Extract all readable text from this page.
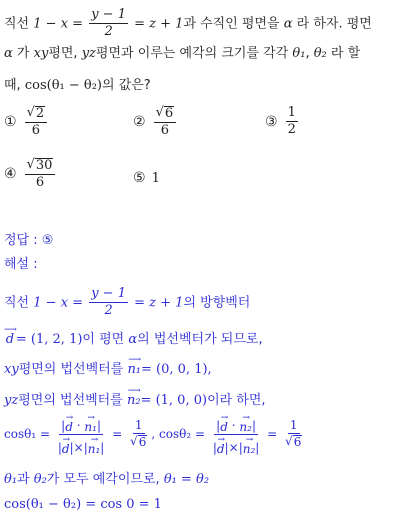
직선 $1 - x = \frac{y - 1}{2} = z + 1$과 수직인 평면을 α 라 하자. 평면
α 가 xy평면, yz평면과 이루는 예각의 크기를 각각 θ₁, θ₂ 라 할
때, cos(θ₁ − θ₂)의 값은?
① $\frac{√ 2}{6}$	② $\frac{√ 6}{6}$	③ $\frac{1}{2}$
④ $\frac{√ 30}{6}$	⑤ 1
정답 : ⑤
해설 :
직선 $1 - x = \frac{y - 1}{2} = z + 1$의 방향벡터
⟶
d = (1, 2, 1)이 평면 α의 법선벡터가 되므로,
xy평면의 법선벡터를
⟶
n₁ = (0, 0, 1),
yz평면의 법선벡터를
⟶
n₂ = (1, 0, 0)이라 하면,
cosθ₁ = |
→
d ·
→
n₁ |
|
→
d |×|
→
n₁ | = $\frac{1}{√ 6}$ , cosθ₂ = |
→
d ·
→
n₂ |
|
→
d |×|
→
n₂ | = $\frac{1}{√ 6}$
θ₁과 θ₂가 모두 예각이므로, θ₁ = θ₂
cos(θ₁ − θ₂) = cos 0 = 1
